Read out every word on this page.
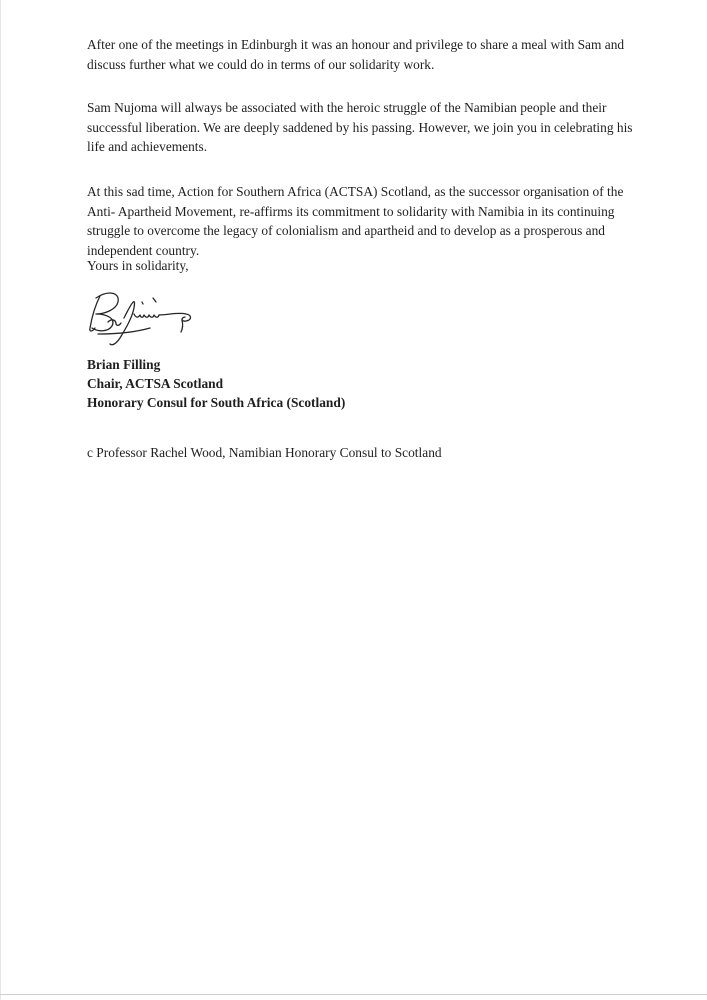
After one of the meetings in Edinburgh it was an honour and privilege to share a meal with Sam and discuss further what we could do in terms of our solidarity work.

Sam Nujoma will always be associated with the heroic struggle of the Namibian people and their successful liberation. We are deeply saddened by his passing. However, we join you in celebrating his life and achievements.

At this sad time, Action for Southern Africa (ACTSA) Scotland, as the successor organisation of the Anti- Apartheid Movement, re-affirms its commitment to solidarity with Namibia in its continuing struggle to overcome the legacy of colonialism and apartheid and to develop as a prosperous and independent country.

Yours in solidarity,

Brian Filling
Chair, ACTSA Scotland
Honorary Consul for South Africa (Scotland)
c Professor Rachel Wood, Namibian Honorary Consul to Scotland
